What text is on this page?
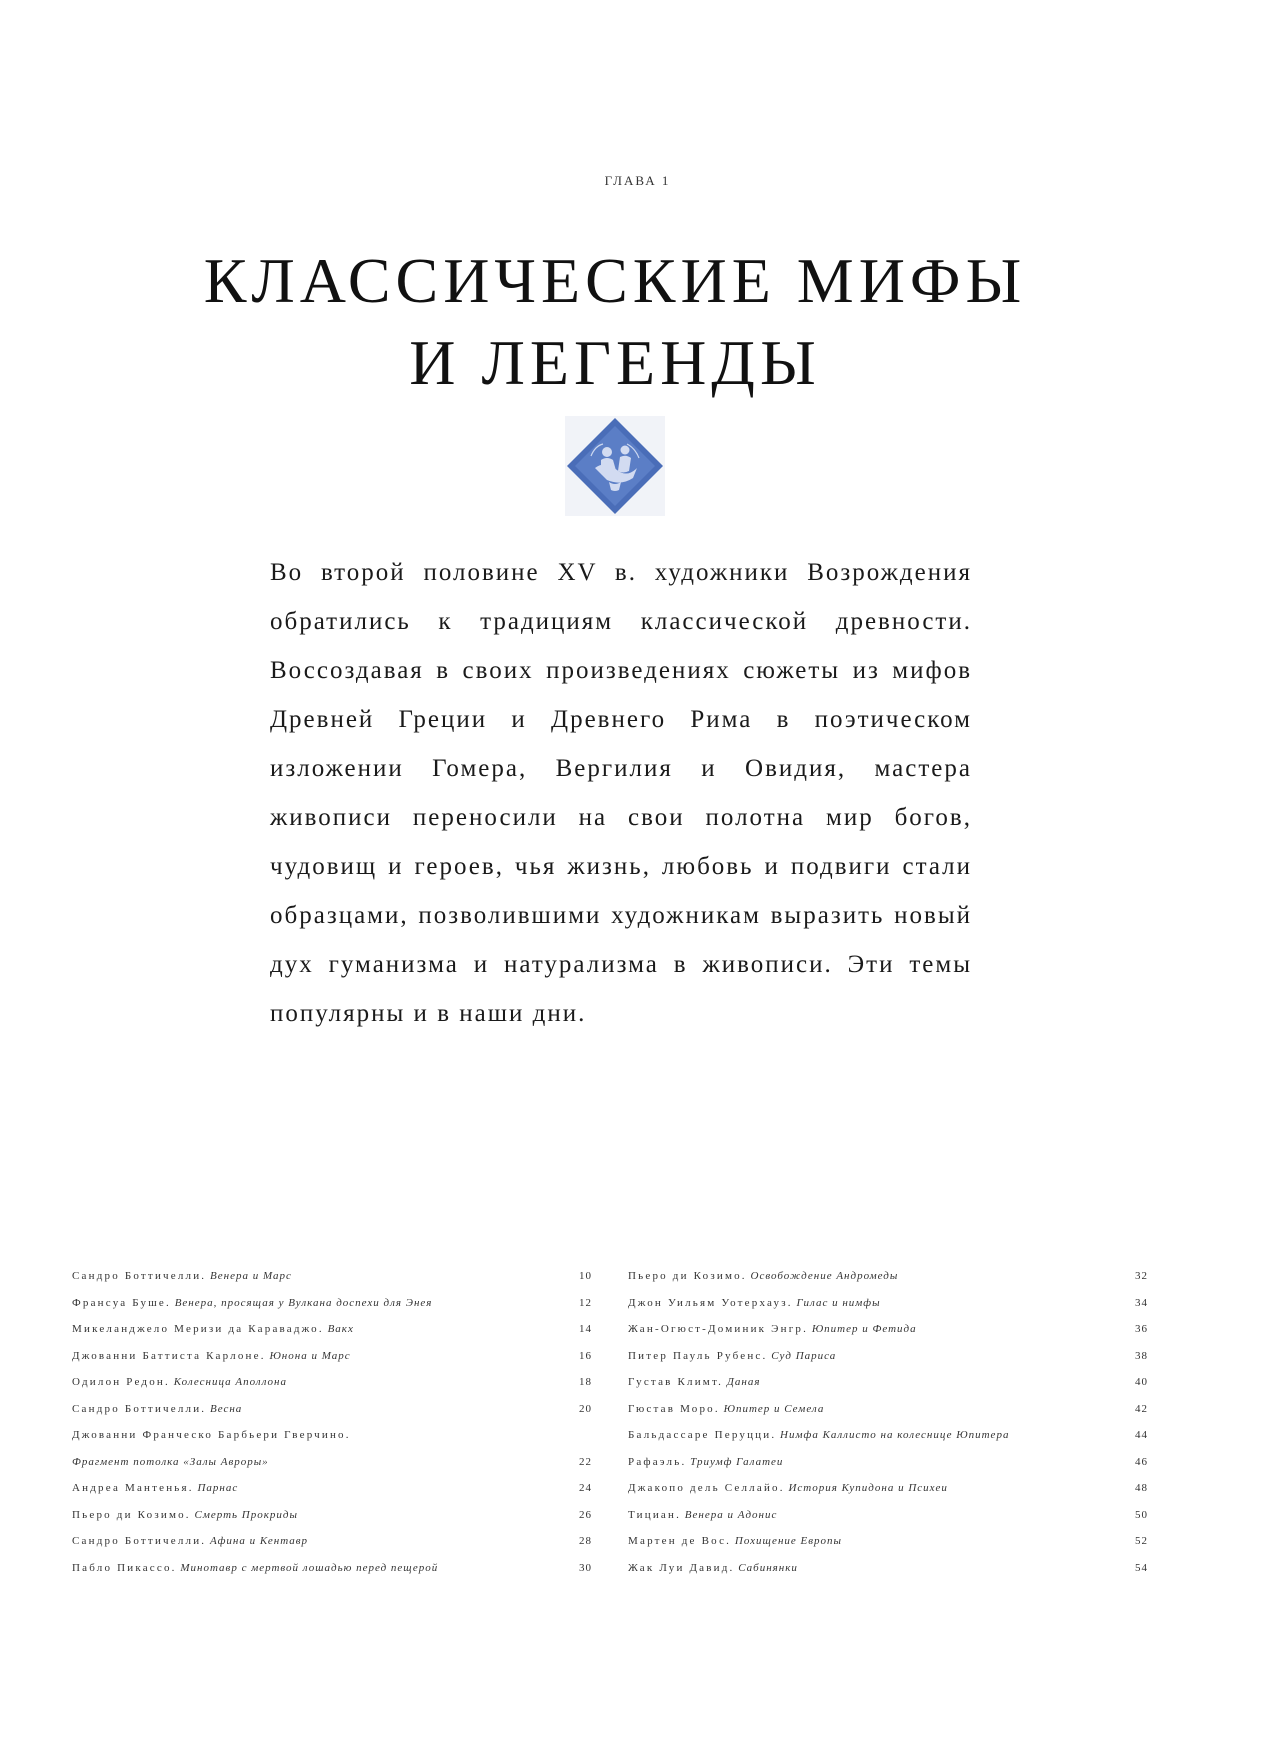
ГЛАВА 1
КЛАССИЧЕСКИЕ МИФЫ
И ЛЕГЕНДЫ

Во второй половине XV в. художники Возрождения обратились к традициям классической древности. Воссоздавая в своих произведениях сюжеты из мифов Древней Греции и Древнего Рима в поэтическом изложении Гомера, Вергилия и Овидия, мастера живописи переносили на свои полотна мир богов, чудовищ и героев, чья жизнь, любовь и подвиги стали образцами, позволившими художникам выразить новый дух гуманизма и натурализма в живописи. Эти темы популярны и в наши дни.

Сандро Боттичелли. Венера и Марс	10
Франсуа Буше. Венера, просящая у Вулкана доспехи для Энея	12
Микеланджело Меризи да Караваджо. Вакх	14
Джованни Баттиста Карлоне. Юнона и Марс	16
Одилон Редон. Колесница Аполлона	18
Сандро Боттичелли. Весна	20
Джованни Франческо Барбьери Гверчино.
Фрагмент потолка «Залы Авроры»	22
Андреа Мантенья. Парнас	24
Пьеро ди Козимо. Смерть Прокриды	26
Сандро Боттичелли. Афина и Кентавр	28
Пабло Пикассо. Минотавр с мертвой лошадью перед пещерой	30
Пьеро ди Козимо. Освобождение Андромеды	32
Джон Уильям Уотерхауз. Гилас и нимфы	34
Жан-Огюст-Доминик Энгр. Юпитер и Фетида	36
Питер Пауль Рубенс. Суд Париса	38
Густав Климт. Даная	40
Гюстав Моро. Юпитер и Семела	42
Бальдассаре Перуцци. Нимфа Каллисто на колеснице Юпитера	44
Рафаэль. Триумф Галатеи	46
Джакопо дель Селлайо. История Купидона и Психеи	48
Тициан. Венера и Адонис	50
Мартен де Вос. Похищение Европы	52
Жак Луи Давид. Сабинянки	54
